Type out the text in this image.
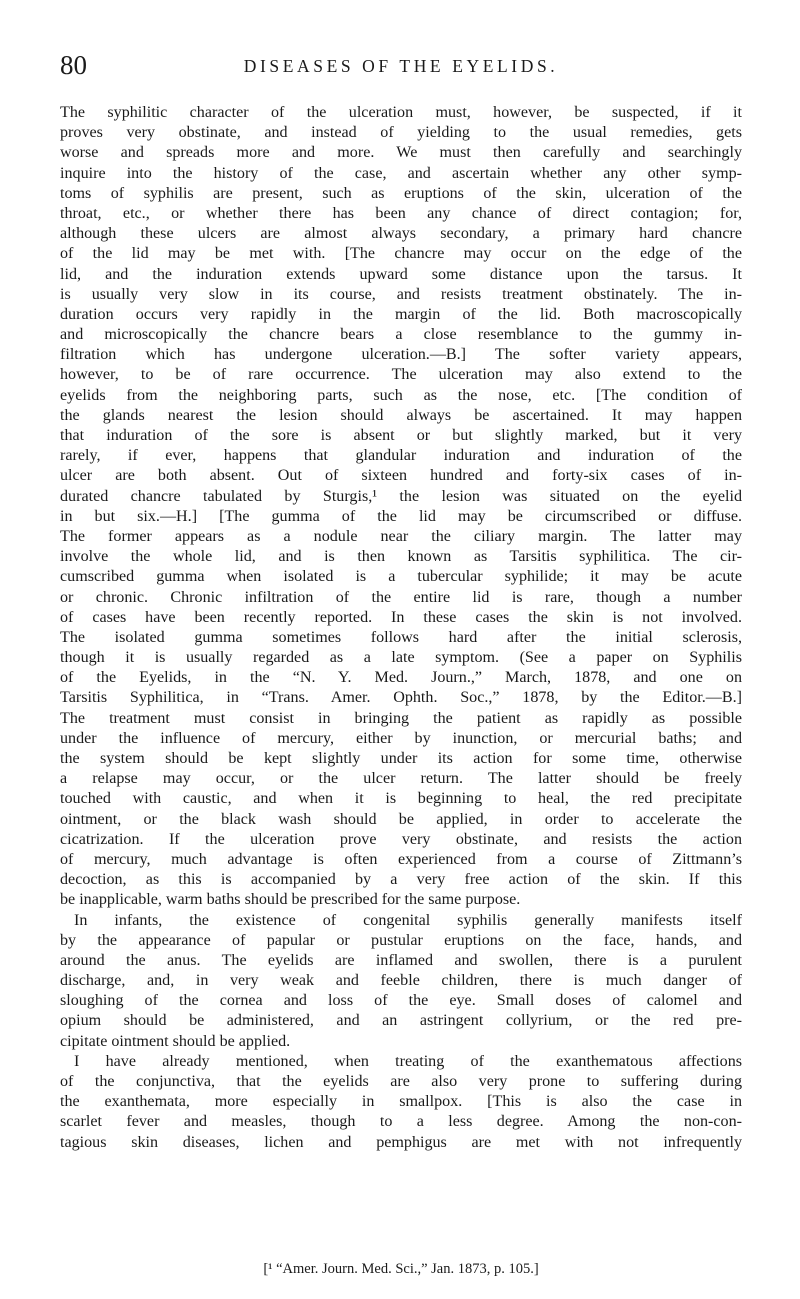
80	DISEASES OF THE EYELIDS.
The syphilitic character of the ulceration must, however, be suspected, if it
proves very obstinate, and instead of yielding to the usual remedies, gets
worse and spreads more and more. We must then carefully and searchingly
inquire into the history of the case, and ascertain whether any other symp-
toms of syphilis are present, such as eruptions of the skin, ulceration of the
throat, etc., or whether there has been any chance of direct contagion; for,
although these ulcers are almost always secondary, a primary hard chancre
of the lid may be met with. [The chancre may occur on the edge of the
lid, and the induration extends upward some distance upon the tarsus. It
is usually very slow in its course, and resists treatment obstinately. The in-
duration occurs very rapidly in the margin of the lid. Both macroscopically
and microscopically the chancre bears a close resemblance to the gummy in-
filtration which has undergone ulceration.—B.] The softer variety appears,
however, to be of rare occurrence. The ulceration may also extend to the
eyelids from the neighboring parts, such as the nose, etc. [The condition of
the glands nearest the lesion should always be ascertained. It may happen
that induration of the sore is absent or but slightly marked, but it very
rarely, if ever, happens that glandular induration and induration of the
ulcer are both absent. Out of sixteen hundred and forty-six cases of in-
durated chancre tabulated by Sturgis,¹ the lesion was situated on the eyelid
in but six.—H.] [The gumma of the lid may be circumscribed or diffuse.
The former appears as a nodule near the ciliary margin. The latter may
involve the whole lid, and is then known as Tarsitis syphilitica. The cir-
cumscribed gumma when isolated is a tubercular syphilide; it may be acute
or chronic. Chronic infiltration of the entire lid is rare, though a number
of cases have been recently reported. In these cases the skin is not involved.
The isolated gumma sometimes follows hard after the initial sclerosis,
though it is usually regarded as a late symptom. (See a paper on Syphilis
of the Eyelids, in the “N. Y. Med. Journ.,” March, 1878, and one on
Tarsitis Syphilitica, in “Trans. Amer. Ophth. Soc.,” 1878, by the Editor.—B.]
The treatment must consist in bringing the patient as rapidly as possible
under the influence of mercury, either by inunction, or mercurial baths; and
the system should be kept slightly under its action for some time, otherwise
a relapse may occur, or the ulcer return. The latter should be freely
touched with caustic, and when it is beginning to heal, the red precipitate
ointment, or the black wash should be applied, in order to accelerate the
cicatrization. If the ulceration prove very obstinate, and resists the action
of mercury, much advantage is often experienced from a course of Zittmann’s
decoction, as this is accompanied by a very free action of the skin. If this
be inapplicable, warm baths should be prescribed for the same purpose.
In infants, the existence of congenital syphilis generally manifests itself
by the appearance of papular or pustular eruptions on the face, hands, and
around the anus. The eyelids are inflamed and swollen, there is a purulent
discharge, and, in very weak and feeble children, there is much danger of
sloughing of the cornea and loss of the eye. Small doses of calomel and
opium should be administered, and an astringent collyrium, or the red pre-
cipitate ointment should be applied.
I have already mentioned, when treating of the exanthematous affections
of the conjunctiva, that the eyelids are also very prone to suffering during
the exanthemata, more especially in smallpox. [This is also the case in
scarlet fever and measles, though to a less degree. Among the non-con-
tagious skin diseases, lichen and pemphigus are met with not infrequently
[¹ “Amer. Journ. Med. Sci.,” Jan. 1873, p. 105.]
